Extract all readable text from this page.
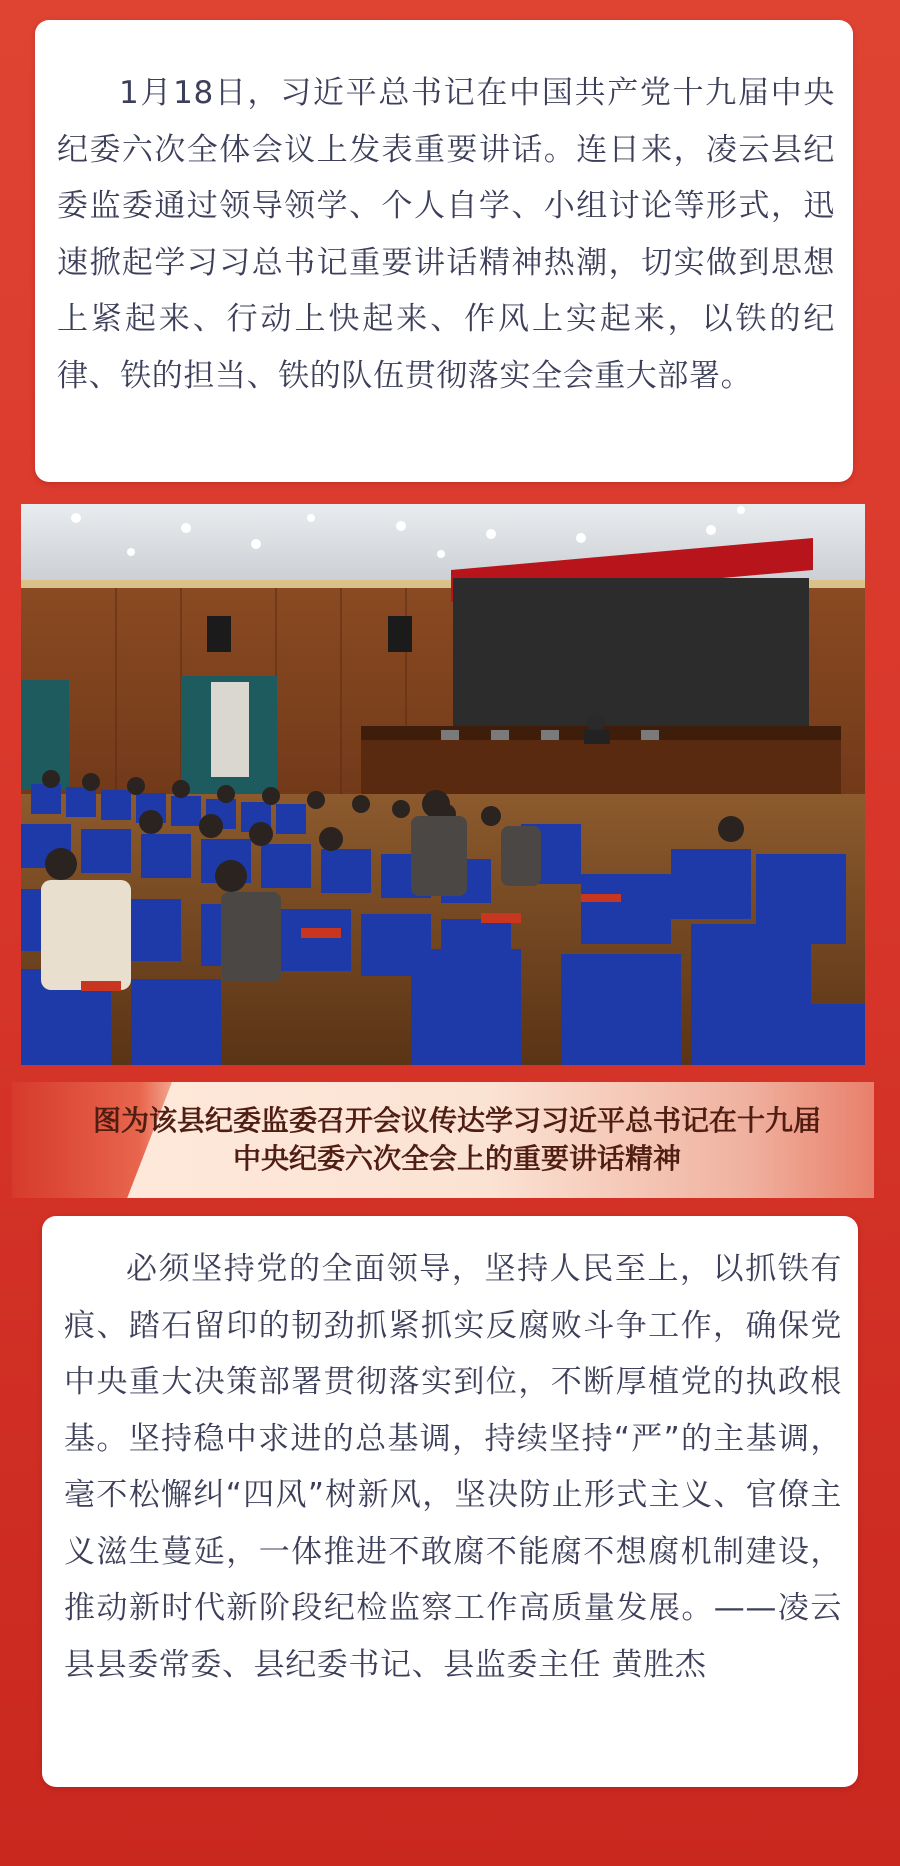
1月18日，习近平总书记在中国共产党十九届中央纪委六次全体会议上发表重要讲话。连日来，凌云县纪委监委通过领导领学、个人自学、小组讨论等形式，迅速掀起学习习总书记重要讲话精神热潮，切实做到思想上紧起来、行动上快起来、作风上实起来，以铁的纪律、铁的担当、铁的队伍贯彻落实全会重大部署。

图为该县纪委监委召开会议传达学习习近平总书记在十九届
中央纪委六次全会上的重要讲话精神

必须坚持党的全面领导，坚持人民至上，以抓铁有痕、踏石留印的韧劲抓紧抓实反腐败斗争工作，确保党中央重大决策部署贯彻落实到位，不断厚植党的执政根基。坚持稳中求进的总基调，持续坚持“严”的主基调，毫不松懈纠“四风”树新风，坚决防止形式主义、官僚主义滋生蔓延，一体推进不敢腐不能腐不想腐机制建设，推动新时代新阶段纪检监察工作高质量发展。——凌云县县委常委、县纪委书记、县监委主任 黄胜杰
